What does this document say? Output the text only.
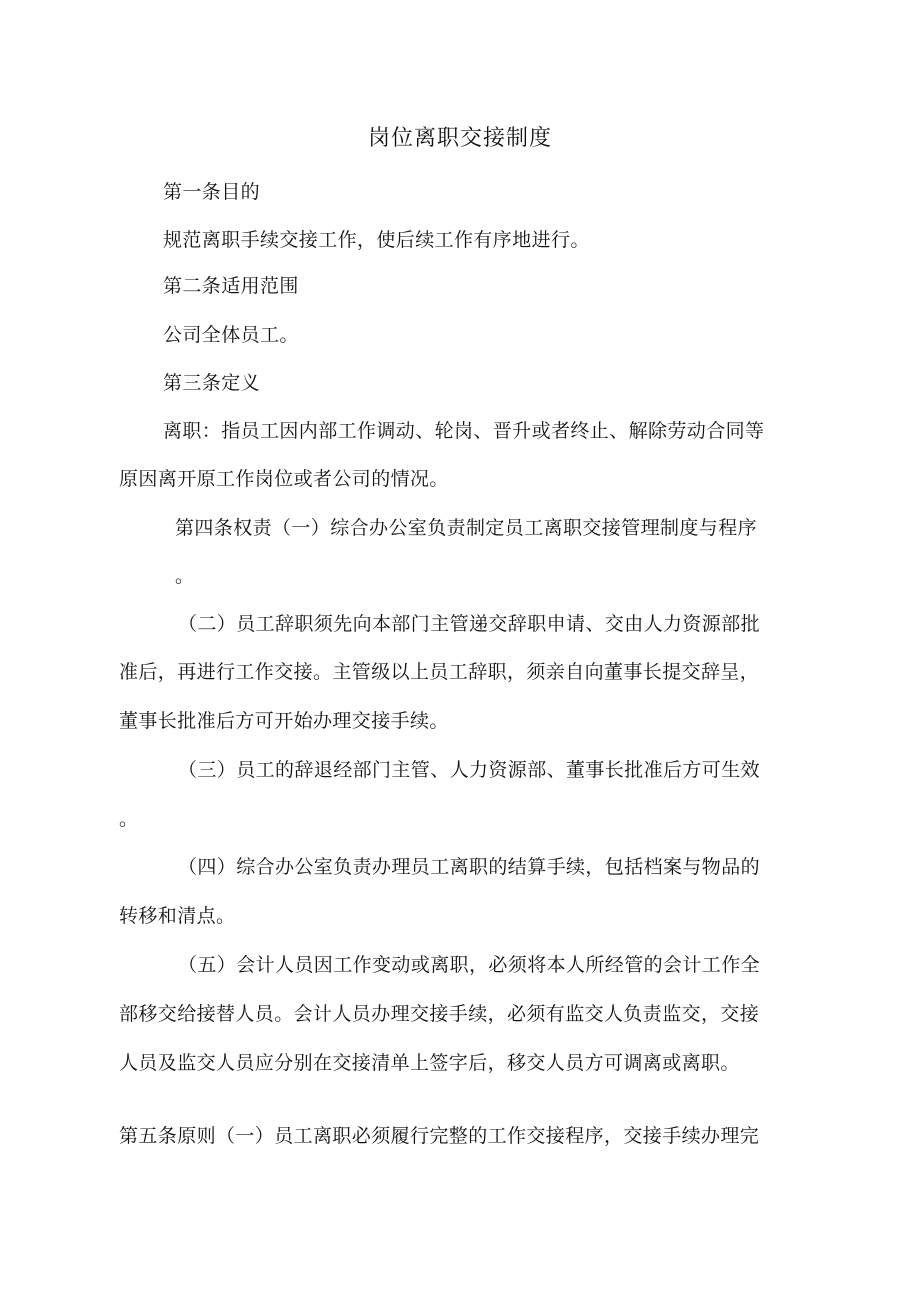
岗位离职交接制度
第一条目的
规范离职手续交接工作，使后续工作有序地进行。
第二条适用范围
公司全体员工。
第三条定义
离职：指员工因内部工作调动、轮岗、晋升或者终止、解除劳动合同等
原因离开原工作岗位或者公司的情况。
第四条权责（一）综合办公室负责制定员工离职交接管理制度与程序
。
（二）员工辞职须先向本部门主管递交辞职申请、交由人力资源部批
准后，再进行工作交接。主管级以上员工辞职，须亲自向董事长提交辞呈，
董事长批准后方可开始办理交接手续。
（三）员工的辞退经部门主管、人力资源部、董事长批准后方可生效
。
（四）综合办公室负责办理员工离职的结算手续，包括档案与物品的
转移和清点。
（五）会计人员因工作变动或离职，必须将本人所经管的会计工作全
部移交给接替人员。会计人员办理交接手续，必须有监交人负责监交，交接
人员及监交人员应分别在交接清单上签字后，移交人员方可调离或离职。
第五条原则（一）员工离职必须履行完整的工作交接程序，交接手续办理完
